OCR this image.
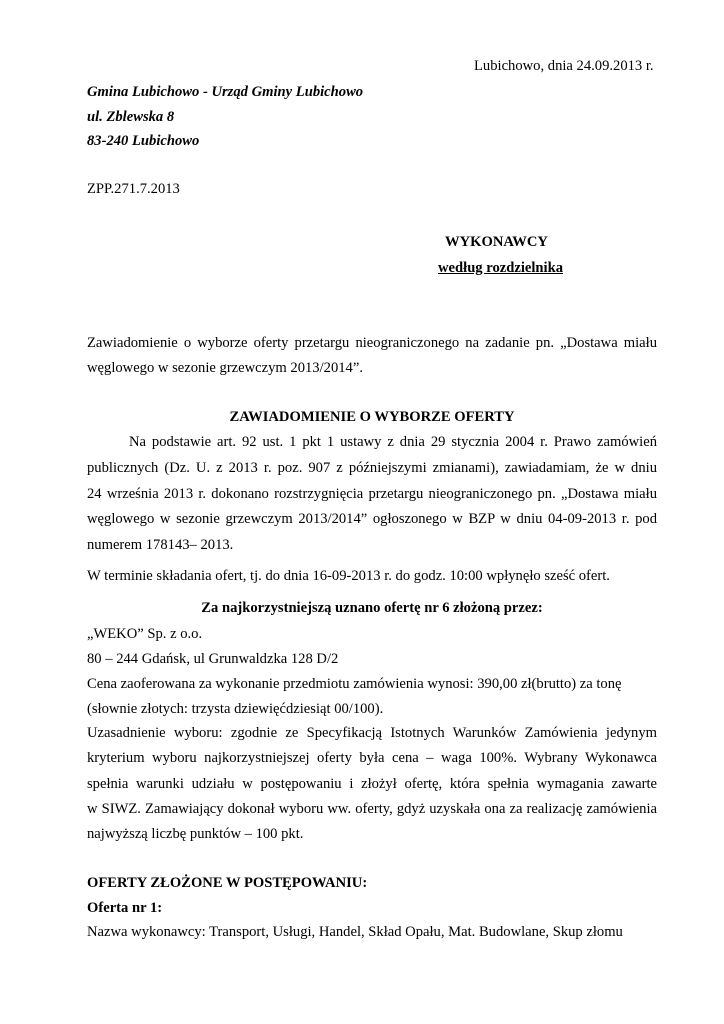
Lubichowo, dnia 24.09.2013 r.
Gmina Lubichowo - Urząd Gminy Lubichowo
ul. Zblewska 8
83-240 Lubichowo
ZPP.271.7.2013
WYKONAWCY
według rozdzielnika
Zawiadomienie o wyborze oferty przetargu nieograniczonego na zadanie pn. „Dostawa miału
węglowego w sezonie grzewczym 2013/2014”.
ZAWIADOMIENIE O WYBORZE OFERTY
Na podstawie art. 92 ust. 1 pkt 1 ustawy z dnia 29 stycznia 2004 r. Prawo zamówień
publicznych (Dz. U. z 2013 r. poz. 907 z późniejszymi zmianami), zawiadamiam, że w dniu
24 września 2013 r. dokonano rozstrzygnięcia przetargu nieograniczonego pn. „Dostawa miału
węglowego w sezonie grzewczym 2013/2014” ogłoszonego w BZP w dniu 04-09-2013 r. pod
numerem 178143– 2013.
W terminie składania ofert, tj. do dnia 16-09-2013 r. do godz. 10:00 wpłynęło sześć ofert.
Za najkorzystniejszą uznano ofertę nr 6 złożoną przez:
„WEKO” Sp. z o.o.
80 – 244 Gdańsk, ul Grunwaldzka 128 D/2
Cena zaoferowana za wykonanie przedmiotu zamówienia wynosi: 390,00 zł(brutto) za tonę
(słownie złotych: trzysta dziewięćdziesiąt 00/100).
Uzasadnienie wyboru: zgodnie ze Specyfikacją Istotnych Warunków Zamówienia jedynym
kryterium wyboru najkorzystniejszej oferty była cena – waga 100%. Wybrany Wykonawca
spełnia warunki udziału w postępowaniu i złożył ofertę, która spełnia wymagania zawarte
w SIWZ. Zamawiający dokonał wyboru ww. oferty, gdyż uzyskała ona za realizację zamówienia
najwyższą liczbę punktów – 100 pkt.
OFERTY ZŁOŻONE W POSTĘPOWANIU:
Oferta nr 1:
Nazwa wykonawcy: Transport, Usługi, Handel, Skład Opału, Mat. Budowlane, Skup złomu
